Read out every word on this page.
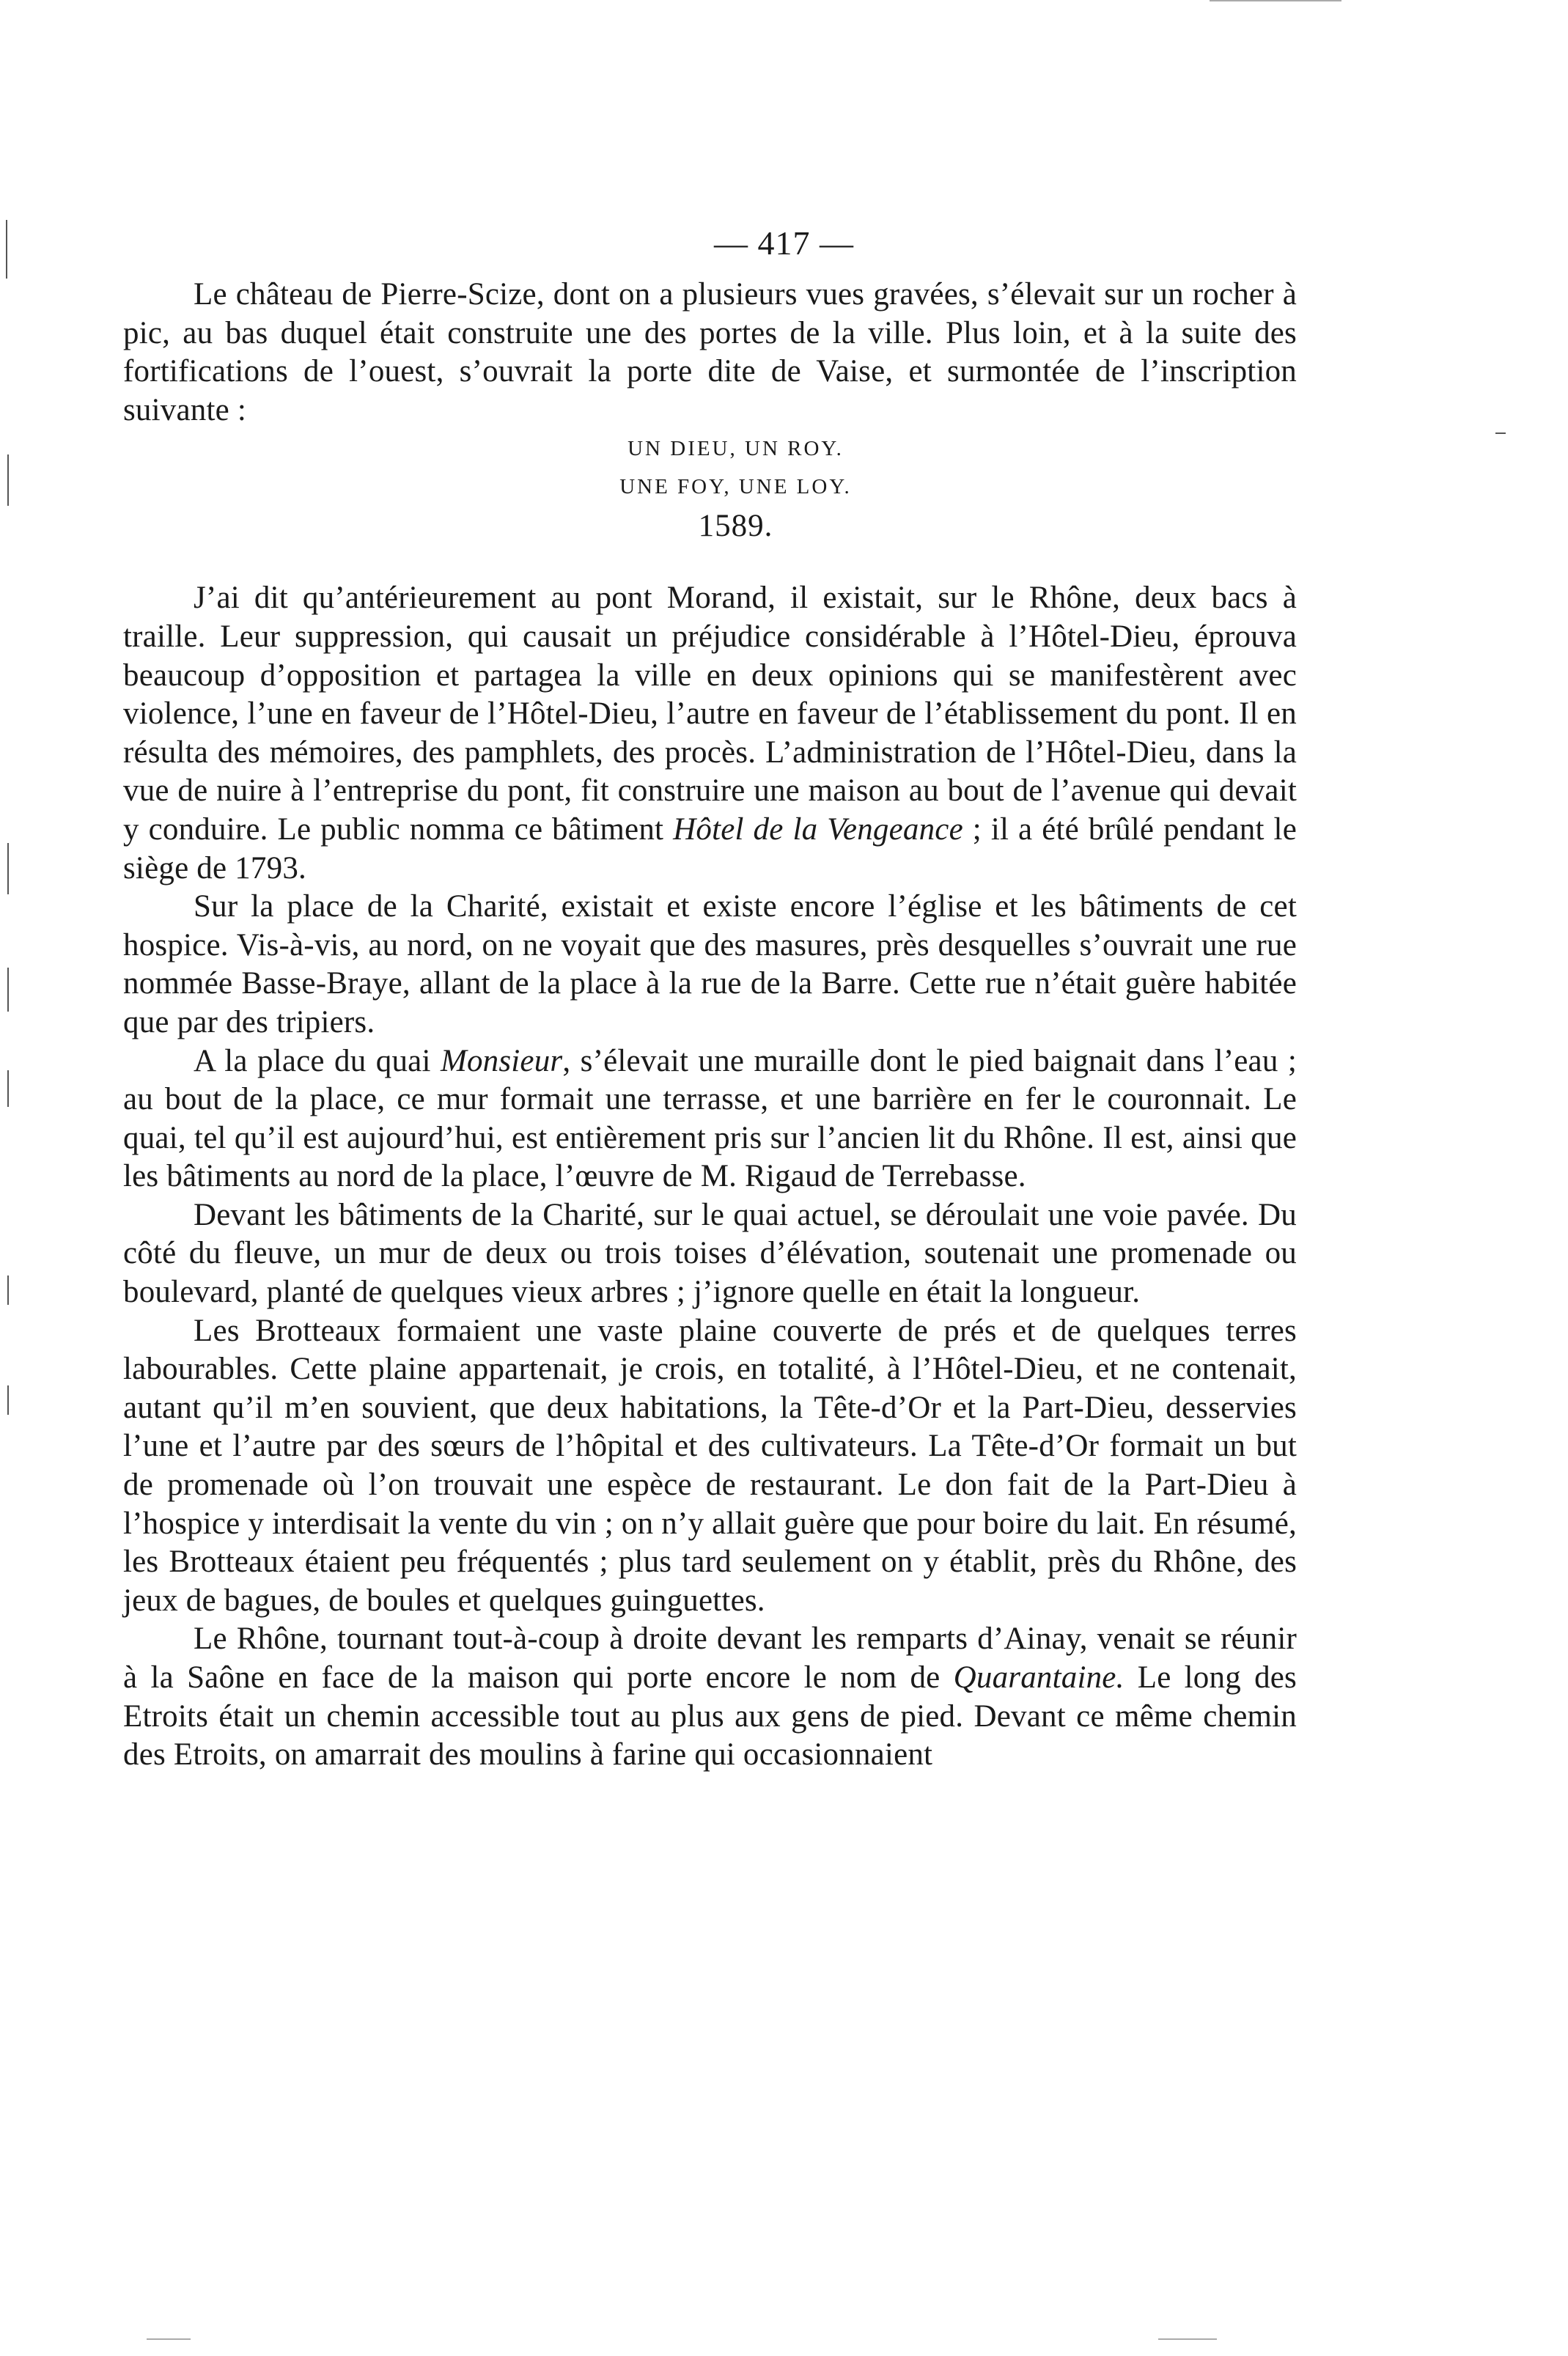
— 417 —

Le château de Pierre-Scize, dont on a plusieurs vues gravées, s’élevait sur un rocher à pic, au bas duquel était construite une des portes de la ville. Plus loin, et à la suite des fortifications de l’ouest, s’ouvrait la porte dite de Vaise, et surmontée de l’inscription suivante :

UN DIEU, UN ROY.
UNE FOY, UNE LOY.
1589.

J’ai dit qu’antérieurement au pont Morand, il existait, sur le Rhône, deux bacs à traille. Leur suppression, qui causait un préjudice considérable à l’Hôtel-Dieu, éprouva beaucoup d’opposition et partagea la ville en deux opinions qui se manifestèrent avec violence, l’une en faveur de l’Hôtel-Dieu, l’autre en faveur de l’établissement du pont. Il en résulta des mémoires, des pamphlets, des procès. L’administration de l’Hôtel-Dieu, dans la vue de nuire à l’entreprise du pont, fit construire une maison au bout de l’avenue qui devait y conduire. Le public nomma ce bâtiment Hôtel de la Vengeance ; il a été brûlé pendant le siège de 1793.

Sur la place de la Charité, existait et existe encore l’église et les bâtiments de cet hospice. Vis-à-vis, au nord, on ne voyait que des masures, près desquelles s’ouvrait une rue nommée Basse-Braye, allant de la place à la rue de la Barre. Cette rue n’était guère habitée que par des tripiers.

A la place du quai Monsieur, s’élevait une muraille dont le pied baignait dans l’eau ; au bout de la place, ce mur formait une terrasse, et une barrière en fer le couronnait. Le quai, tel qu’il est aujourd’hui, est entièrement pris sur l’ancien lit du Rhône. Il est, ainsi que les bâtiments au nord de la place, l’œuvre de M. Rigaud de Terrebasse.

Devant les bâtiments de la Charité, sur le quai actuel, se déroulait une voie pavée. Du côté du fleuve, un mur de deux ou trois toises d’élévation, soutenait une promenade ou boulevard, planté de quelques vieux arbres ; j’ignore quelle en était la longueur.

Les Brotteaux formaient une vaste plaine couverte de prés et de quelques terres labourables. Cette plaine appartenait, je crois, en totalité, à l’Hôtel-Dieu, et ne contenait, autant qu’il m’en souvient, que deux habitations, la Tête-d’Or et la Part-Dieu, desservies l’une et l’autre par des sœurs de l’hôpital et des cultivateurs. La Tête-d’Or formait un but de promenade où l’on trouvait une espèce de restaurant. Le don fait de la Part-Dieu à l’hospice y interdisait la vente du vin ; on n’y allait guère que pour boire du lait. En résumé, les Brotteaux étaient peu fréquentés ; plus tard seulement on y établit, près du Rhône, des jeux de bagues, de boules et quelques guinguettes.

Le Rhône, tournant tout-à-coup à droite devant les remparts d’Ainay, venait se réunir à la Saône en face de la maison qui porte encore le nom de Quarantaine. Le long des Etroits était un chemin accessible tout au plus aux gens de pied. Devant ce même chemin des Etroits, on amarrait des moulins à farine qui occasionnaient
